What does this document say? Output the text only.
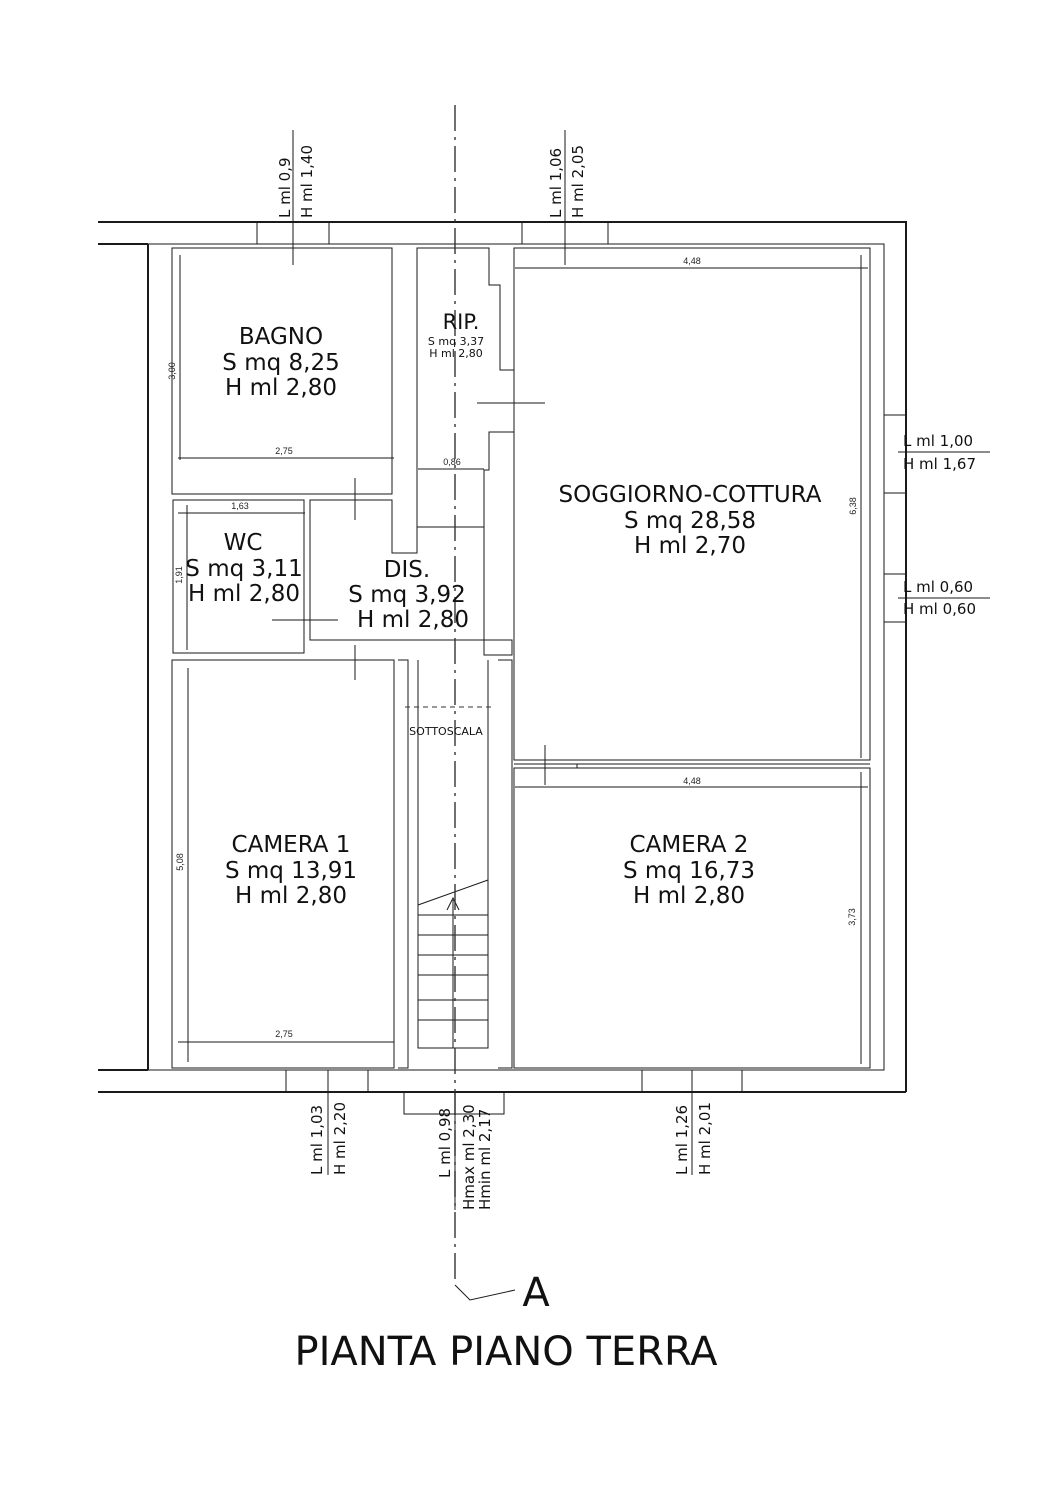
BAGNO
S mq 8,25
H ml 2,80
RIP.
S mq 3,37
H ml 2,80
SOGGIORNO-COTTURA
S mq 28,58
H ml 2,70
WC
S mq 3,11
H ml 2,80
DIS.
S mq 3,92
H ml 2,80
CAMERA 1
S mq 13,91
H ml 2,80
CAMERA 2
S mq 16,73
H ml 2,80
SOTTOSCALA
3,00
2,75
0,86
1,63
1,91
4,48
6,38
5,08
2,75
4,48
3,73
L ml 0,9 H ml 1,40	L ml 1,06 H ml 2,05
L ml 1,00
H ml 1,67
L ml 0,60
H ml 0,60
L ml 1,03 H ml 2,20	L ml 0,98 Hmax ml 2,30
Hmin ml 2,17	L ml 1,26 H ml 2,01
A
PIANTA PIANO TERRA
